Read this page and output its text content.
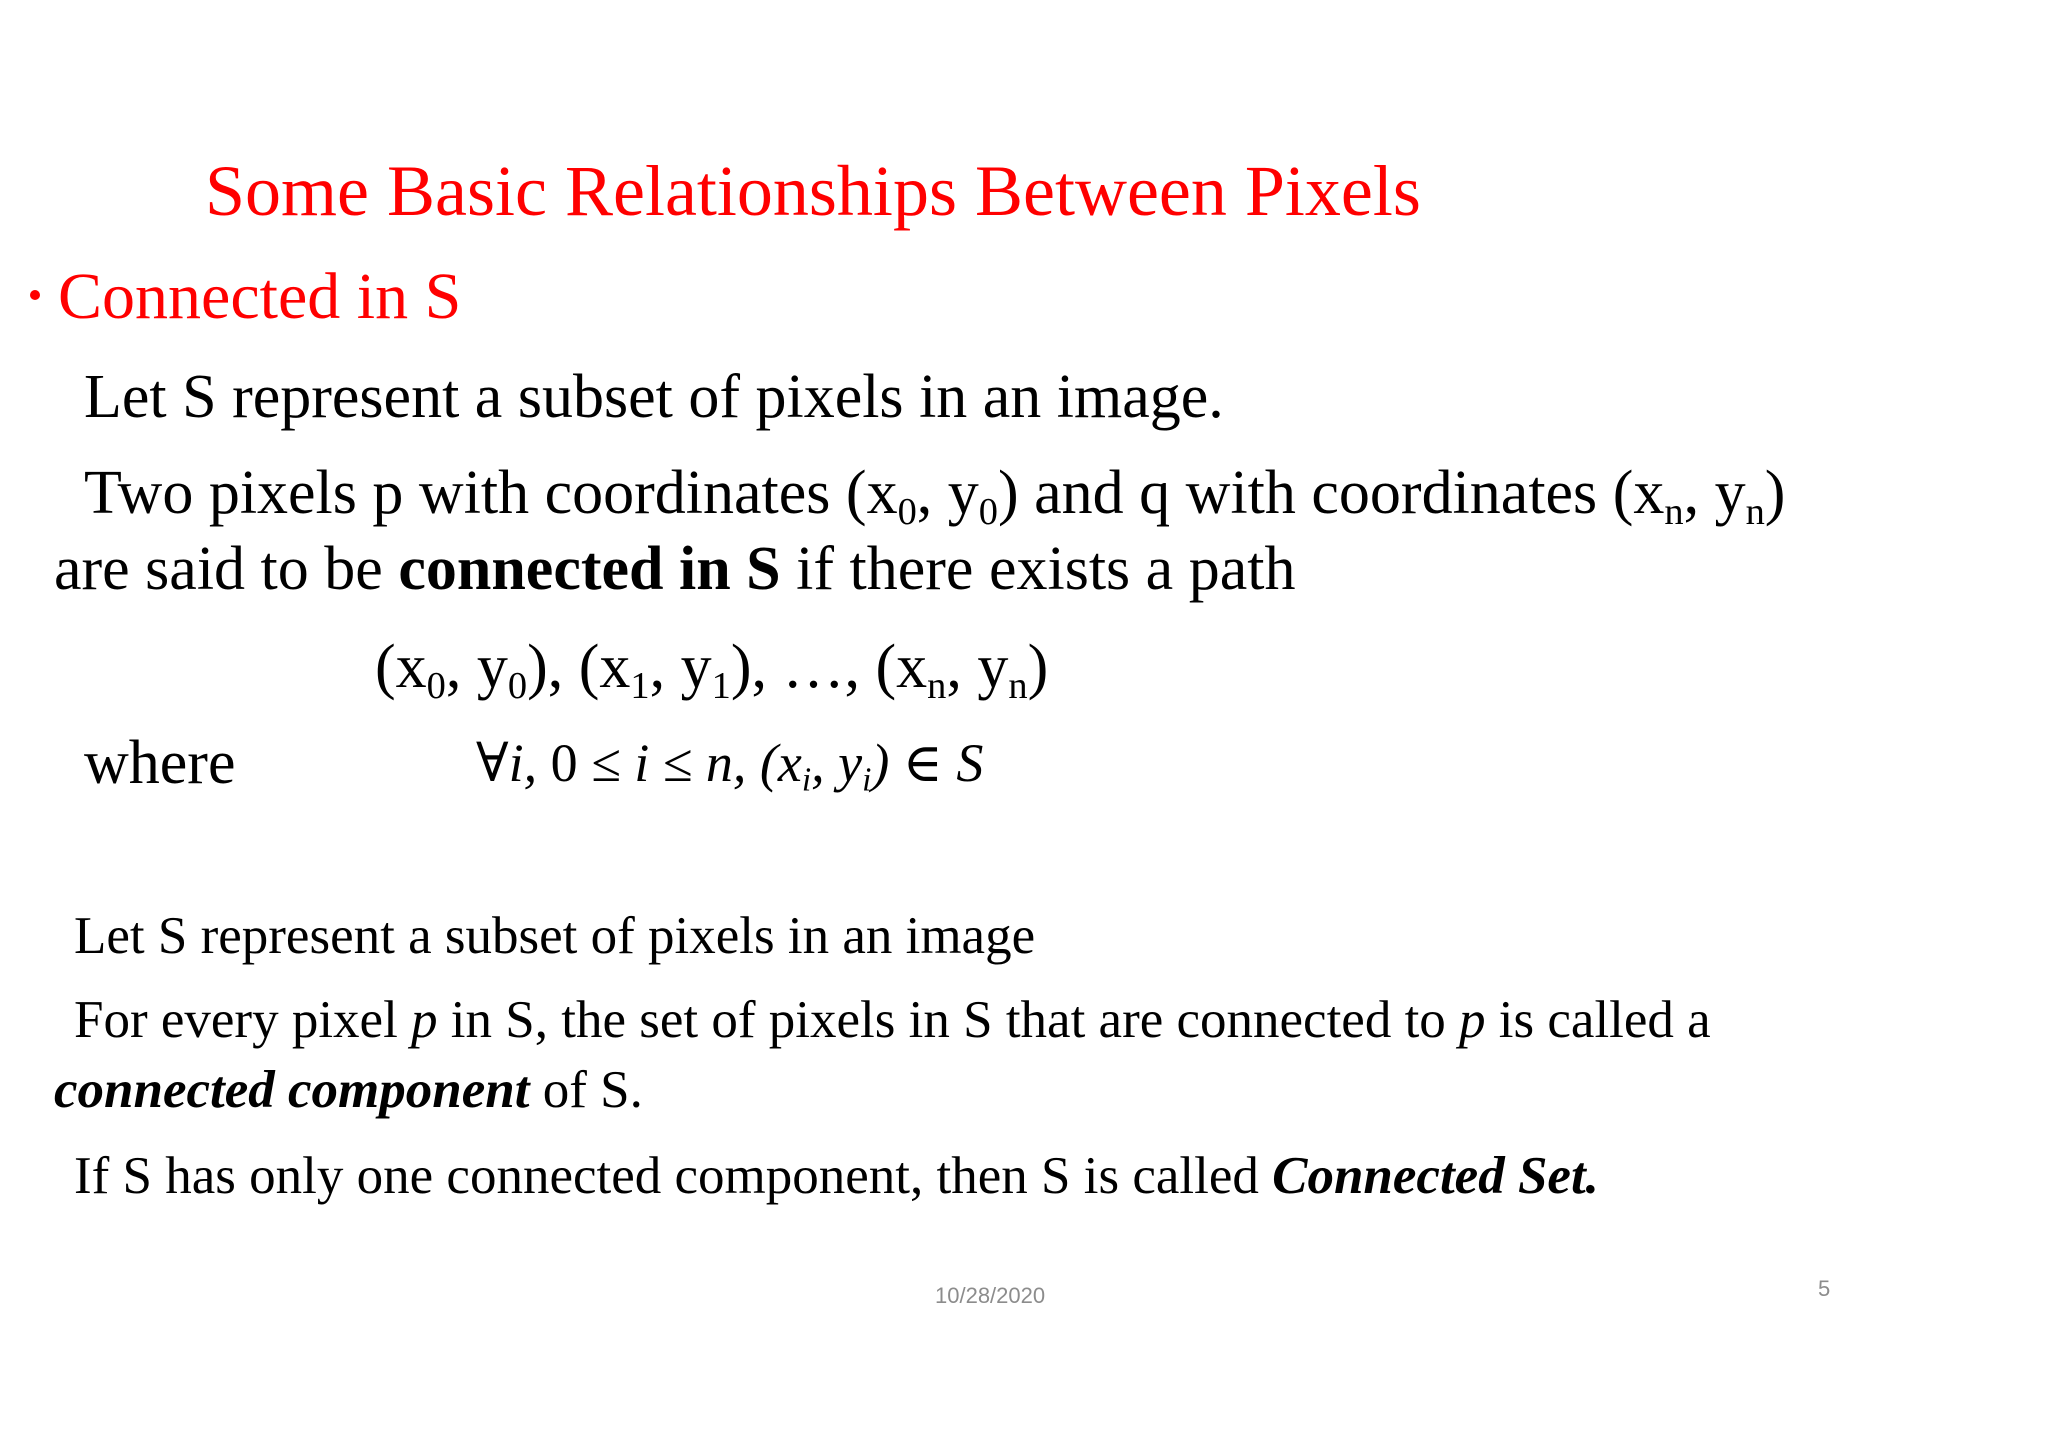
Some Basic Relationships Between Pixels
Connected in S
Let S represent a subset of pixels in an image.
Two pixels p with coordinates ($x_0$, $y_0$) and q with coordinates ($x_n$, $y_n$)
are said to be connected in S if there exists a path
($x_0$, $y_0$), ($x_1$, $y_1$), …, ($x_n$, $y_n$)
where	∀i, 0 ≤ i ≤ n, ($x_i$, $y_i$) ∈ S
Let S represent a subset of pixels in an image
For every pixel p in S, the set of pixels in S that are connected to p is called a
connected component of S.
If S has only one connected component, then S is called Connected Set.
10/28/2020	5
